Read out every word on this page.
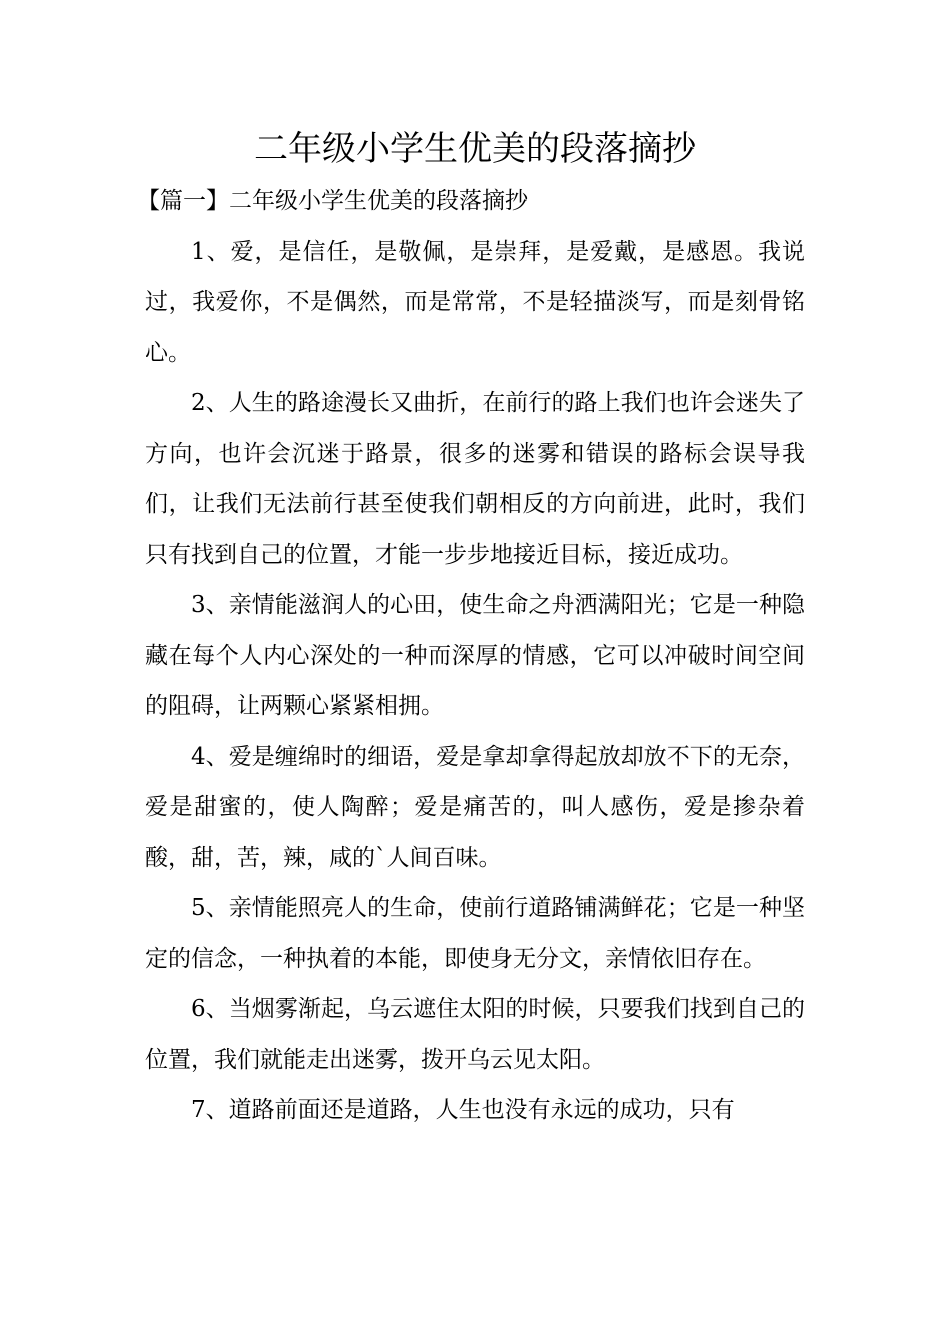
二年级小学生优美的段落摘抄

【篇一】二年级小学生优美的段落摘抄

1、爱，是信任，是敬佩，是崇拜，是爱戴，是感恩。我说过，我爱你，不是偶然，而是常常，不是轻描淡写，而是刻骨铭心。

2、人生的路途漫长又曲折，在前行的路上我们也许会迷失了方向，也许会沉迷于路景，很多的迷雾和错误的路标会误导我们，让我们无法前行甚至使我们朝相反的方向前进，此时，我们只有找到自己的位置，才能一步步地接近目标，接近成功。

3、亲情能滋润人的心田，使生命之舟洒满阳光；它是一种隐藏在每个人内心深处的一种而深厚的情感，它可以冲破时间空间的阻碍，让两颗心紧紧相拥。

4、爱是缠绵时的细语，爱是拿却拿得起放却放不下的无奈，爱是甜蜜的，使人陶醉；爱是痛苦的，叫人感伤，爱是掺杂着酸，甜，苦，辣，咸的`人间百味。

5、亲情能照亮人的生命，使前行道路铺满鲜花；它是一种坚定的信念，一种执着的本能，即使身无分文，亲情依旧存在。

6、当烟雾渐起，乌云遮住太阳的时候，只要我们找到自己的位置，我们就能走出迷雾，拨开乌云见太阳。

7、道路前面还是道路，人生也没有永远的成功，只有
